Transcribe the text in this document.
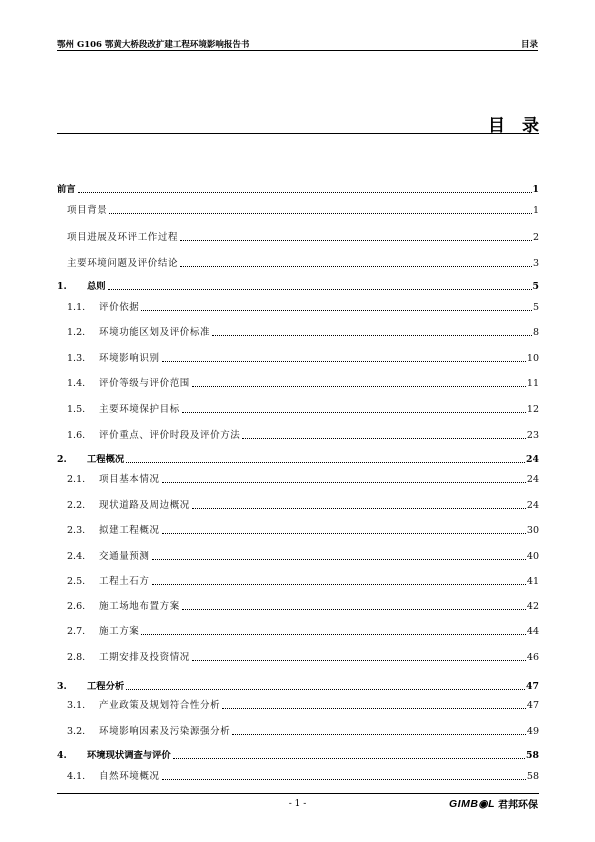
鄂州 G106 鄂黄大桥段改扩建工程环境影响报告书	目录
目　录
前言	1
项目背景	1
项目进展及环评工作过程	2
主要环境问题及评价结论	3
1.	总则	5
1.1.	评价依据	5
1.2.	环境功能区划及评价标准	8
1.3.	环境影响识别	10
1.4.	评价等级与评价范围	11
1.5.	主要环境保护目标	12
1.6.	评价重点、评价时段及评价方法	23
2.	工程概况	24
2.1.	项目基本情况	24
2.2.	现状道路及周边概况	24
2.3.	拟建工程概况	30
2.4.	交通量预测	40
2.5.	工程土石方	41
2.6.	施工场地布置方案	42
2.7.	施工方案	44
2.8.	工期安排及投资情况	46
3.	工程分析	47
3.1.	产业政策及规划符合性分析	47
3.2.	环境影响因素及污染源强分析	49
4.	环境现状调查与评价	58
4.1.	自然环境概况	58
- 1 -	GIMB◉L 君邦环保
